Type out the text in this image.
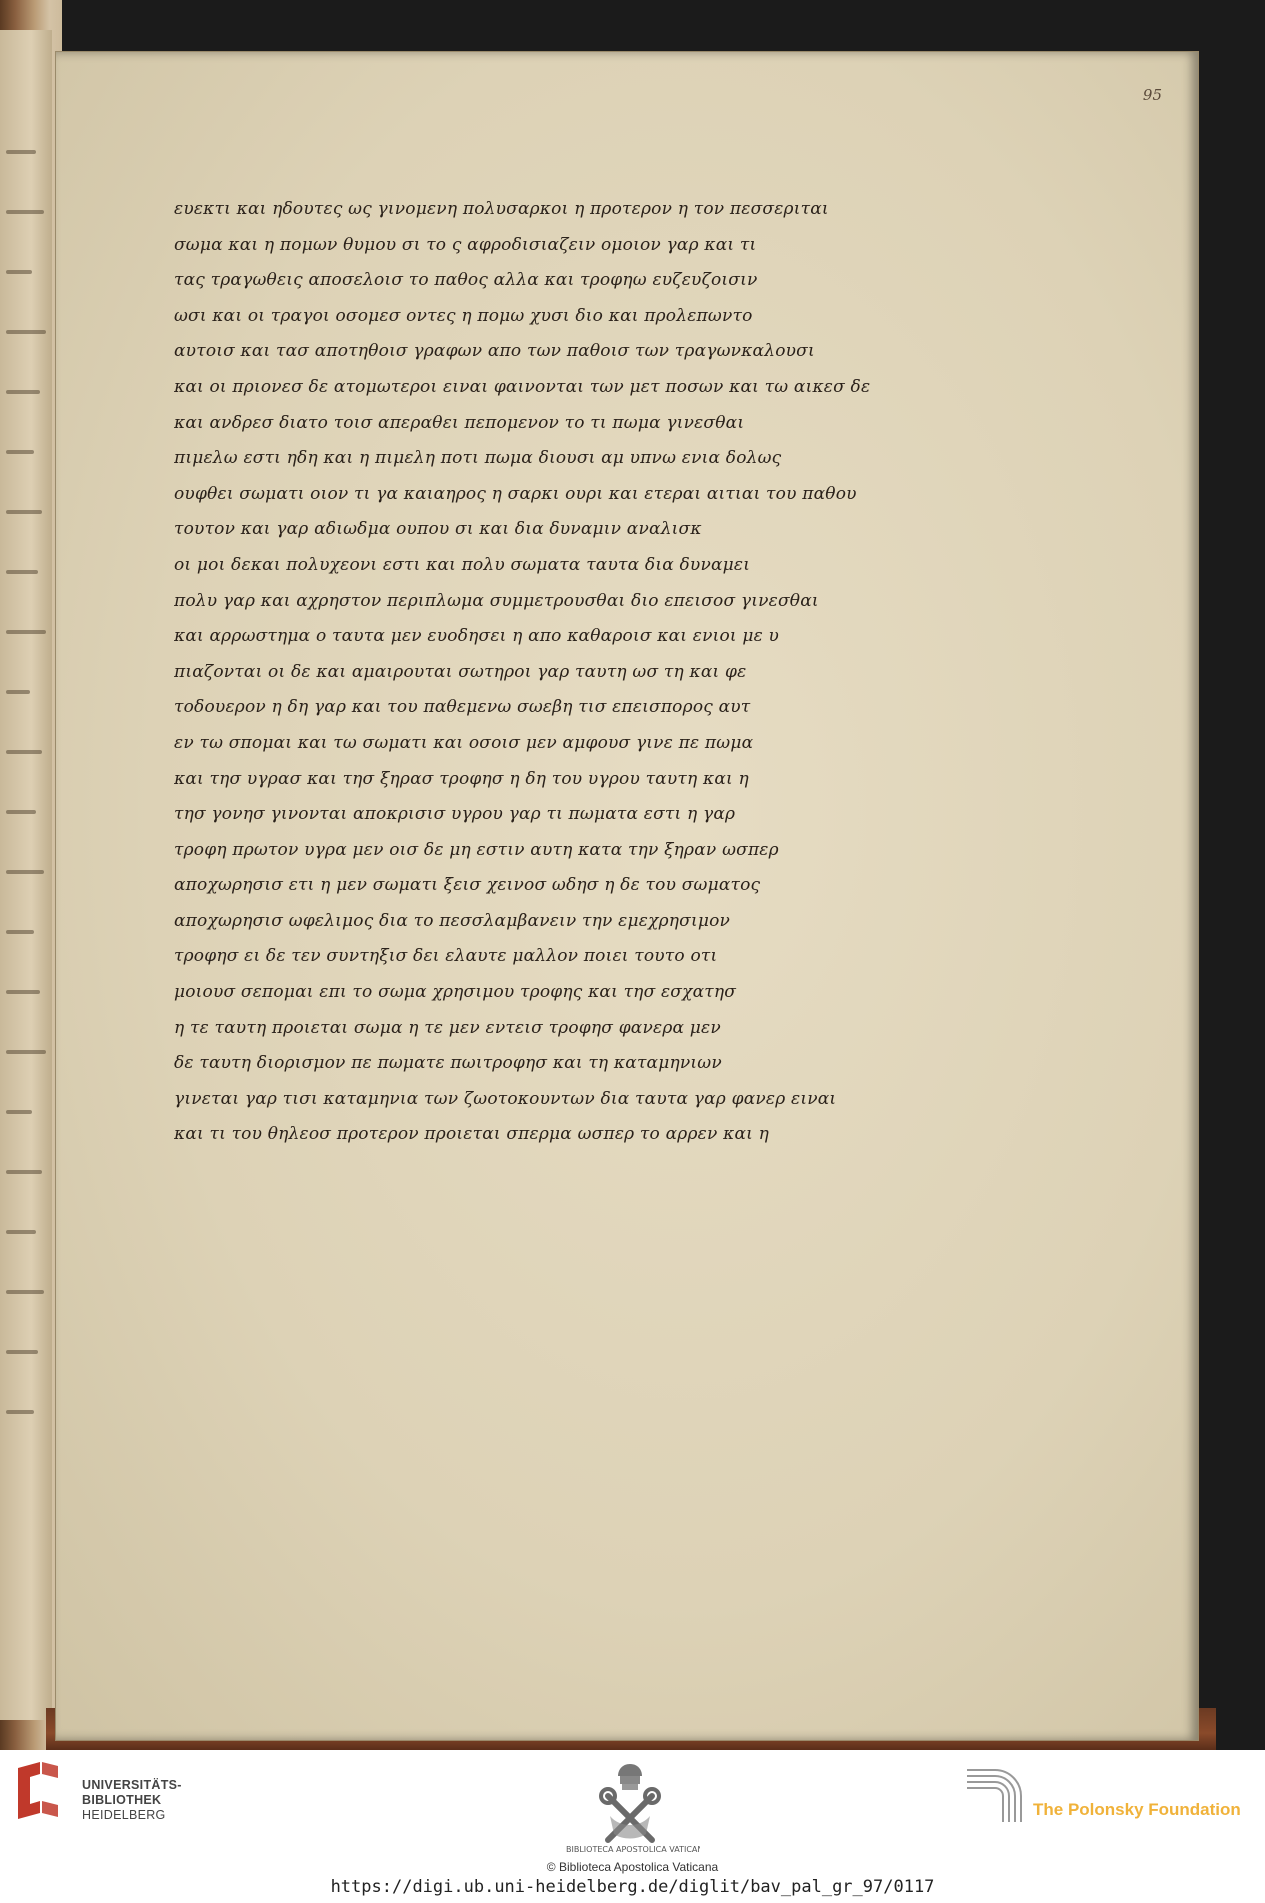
95
ευεκτι και ηδουτες ως γινομενη πολυσαρκοι η προτερον η τον πεσσεριται
σωμα και η πομων θυμου σι το ς αφροδισιαζειν ομοιον γαρ και τι
τας τραγωθεις αποσελοισ το παθος αλλα και τροφηω ευζευζοισιν
ωσι και οι τραγοι οσομεσ οντες η πομω χυσι διο και προλεπωντο
αυτοισ και τασ αποτηθοισ γραφων απο των παθοισ των τραγωνκαλουσι
και οι πριονεσ δε ατομωτεροι ειναι φαινονται των μετ ποσων και τω αικεσ δε
και ανδρεσ διατο τοισ απεραθει πεπομενον το τι πωμα γινεσθαι
πιμελω εστι ηδη και η πιμελη ποτι πωμα διουσι αμ υπνω ενια δολως
ουφθει σωματι οιον τι γα καιαηρος η σαρκι ουρι και ετεραι αιτιαι του παθου
τουτον και γαρ αδιωδμα ουπου σι και δια δυναμιν αναλισκ
οι μοι δεκαι πολυχεονι εστι και πολυ σωματα ταυτα δια δυναμει
πολυ γαρ και αχρηστον περιπλωμα συμμετρουσθαι διο επεισοσ γινεσθαι
και αρρωστημα ο ταυτα μεν ευοδησει η απο καθαροισ και ενιοι με υ
πιαζονται οι δε και αμαιρουται σωτηροι γαρ ταυτη ωσ τη και φε
τοδουερον η δη γαρ και του παθεμενω σωεβη τισ επεισπορος αυτ
εν τω σπομαι και τω σωματι και οσοισ μεν αμφουσ γινε πε πωμα
και τησ υγρασ και τησ ξηρασ τροφησ η δη του υγρου ταυτη και η
τησ γονησ γινονται αποκρισισ υγρου γαρ τι πωματα εστι η γαρ
τροφη πρωτον υγρα μεν οισ δε μη εστιν αυτη κατα την ξηραν ωσπερ
αποχωρησισ ετι η μεν σωματι ξεισ χεινοσ ωδησ η δε του σωματος
αποχωρησισ ωφελιμος δια το πεσσλαμβανειν την εμεχρησιμον
τροφησ ει δε τεν συντηξισ δει ελαυτε μαλλον ποιει τουτο οτι
μοιουσ σεπομαι επι το σωμα χρησιμου τροφης και τησ εσχατησ
η τε ταυτη προιεται σωμα η τε μεν εντεισ τροφησ φανερα μεν
δε ταυτη διορισμον πε πωματε πωιτροφησ και τη καταμηνιων
γινεται γαρ τισι καταμηνια των ζωοτοκουντων δια ταυτα γαρ φανερ ειναι
και τι του θηλεοσ προτερον προιεται σπερμα ωσπερ το αρρεν και η
UNIVERSITÄTS-
BIBLIOTHEK
HEIDELBERG
BIBLIOTECA APOSTOLICA VATICANA
The Polonsky Foundation
© Biblioteca Apostolica Vaticana
https://digi.ub.uni-heidelberg.de/diglit/bav_pal_gr_97/0117
